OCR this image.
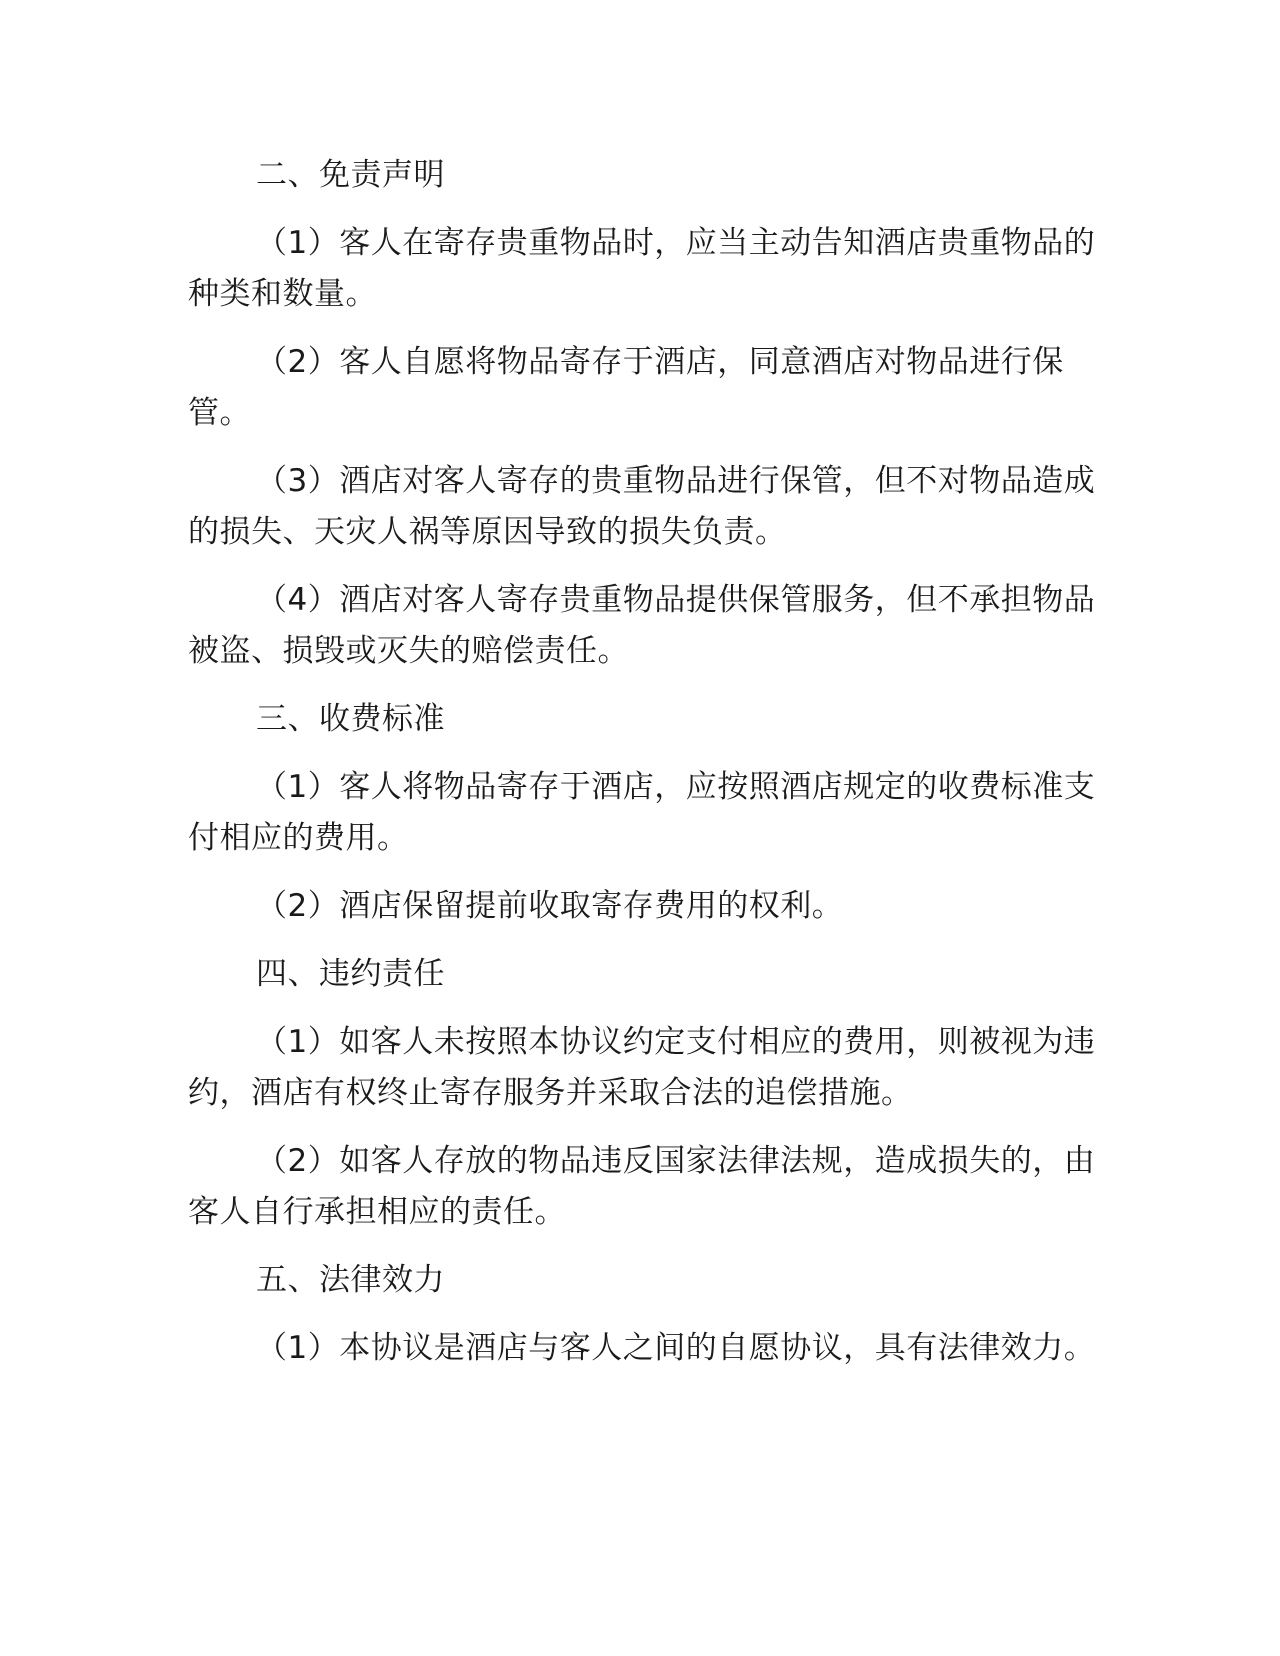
二、免责声明

（1）客人在寄存贵重物品时，应当主动告知酒店贵重物品的种类和数量。

（2）客人自愿将物品寄存于酒店，同意酒店对物品进行保管。

（3）酒店对客人寄存的贵重物品进行保管，但不对物品造成的损失、天灾人祸等原因导致的损失负责。

（4）酒店对客人寄存贵重物品提供保管服务，但不承担物品被盗、损毁或灭失的赔偿责任。

三、收费标准

（1）客人将物品寄存于酒店，应按照酒店规定的收费标准支付相应的费用。

（2）酒店保留提前收取寄存费用的权利。

四、违约责任

（1）如客人未按照本协议约定支付相应的费用，则被视为违约，酒店有权终止寄存服务并采取合法的追偿措施。

（2）如客人存放的物品违反国家法律法规，造成损失的，由客人自行承担相应的责任。

五、法律效力

（1）本协议是酒店与客人之间的自愿协议，具有法律效力。
